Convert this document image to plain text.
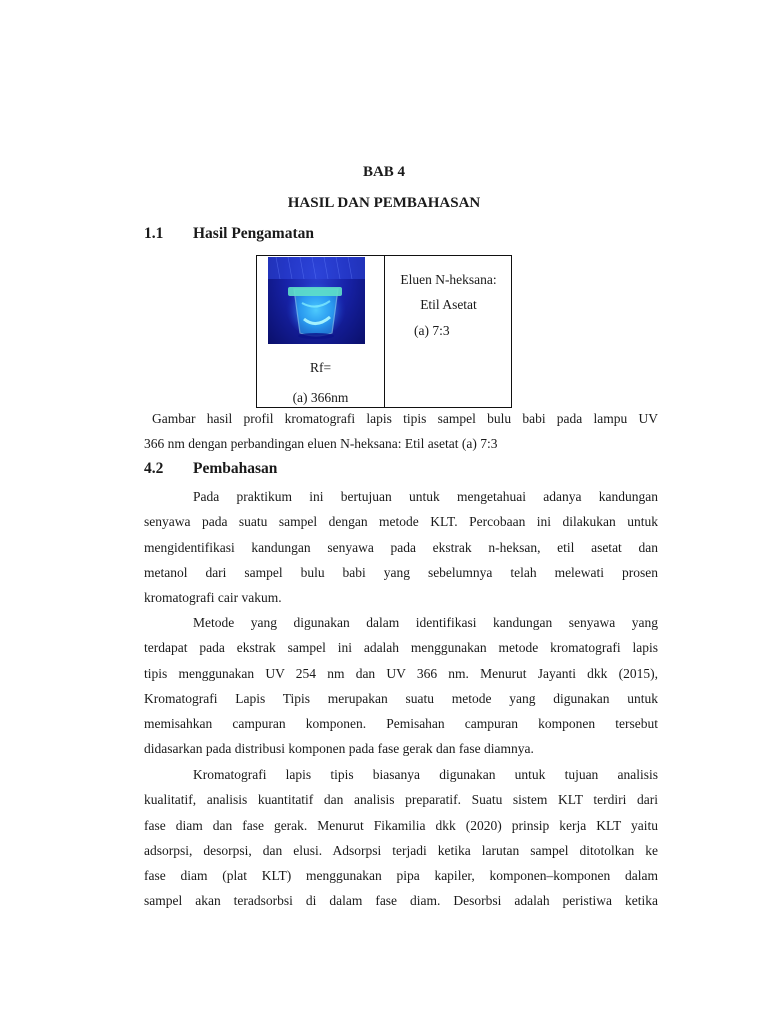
BAB 4
HASIL DAN PEMBAHASAN
1.1 Hasil Pengamatan
Rf=
(a) 366nm
Eluen N-heksana:
Etil Asetat
(a) 7:3
Gambar hasil profil kromatografi lapis tipis sampel bulu babi pada lampu UV
366 nm dengan perbandingan eluen N-heksana: Etil asetat (a) 7:3
4.2 Pembahasan
Pada praktikum ini bertujuan untuk mengetahuai adanya kandungan
senyawa pada suatu sampel dengan metode KLT. Percobaan ini dilakukan untuk
mengidentifikasi kandungan senyawa pada ekstrak n-heksan, etil asetat dan
metanol dari sampel bulu babi yang sebelumnya telah melewati prosen
kromatografi cair vakum.
Metode yang digunakan dalam identifikasi kandungan senyawa yang
terdapat pada ekstrak sampel ini adalah menggunakan metode kromatografi lapis
tipis menggunakan UV 254 nm dan UV 366 nm. Menurut Jayanti dkk (2015),
Kromatografi Lapis Tipis merupakan suatu metode yang digunakan untuk
memisahkan campuran komponen. Pemisahan campuran komponen tersebut
didasarkan pada distribusi komponen pada fase gerak dan fase diamnya.
Kromatografi lapis tipis biasanya digunakan untuk tujuan analisis
kualitatif, analisis kuantitatif dan analisis preparatif. Suatu sistem KLT terdiri dari
fase diam dan fase gerak. Menurut Fikamilia dkk (2020) prinsip kerja KLT yaitu
adsorpsi, desorpsi, dan elusi. Adsorpsi terjadi ketika larutan sampel ditotolkan ke
fase diam (plat KLT) menggunakan pipa kapiler, komponen–komponen dalam
sampel akan teradsorbsi di dalam fase diam. Desorbsi adalah peristiwa ketika
